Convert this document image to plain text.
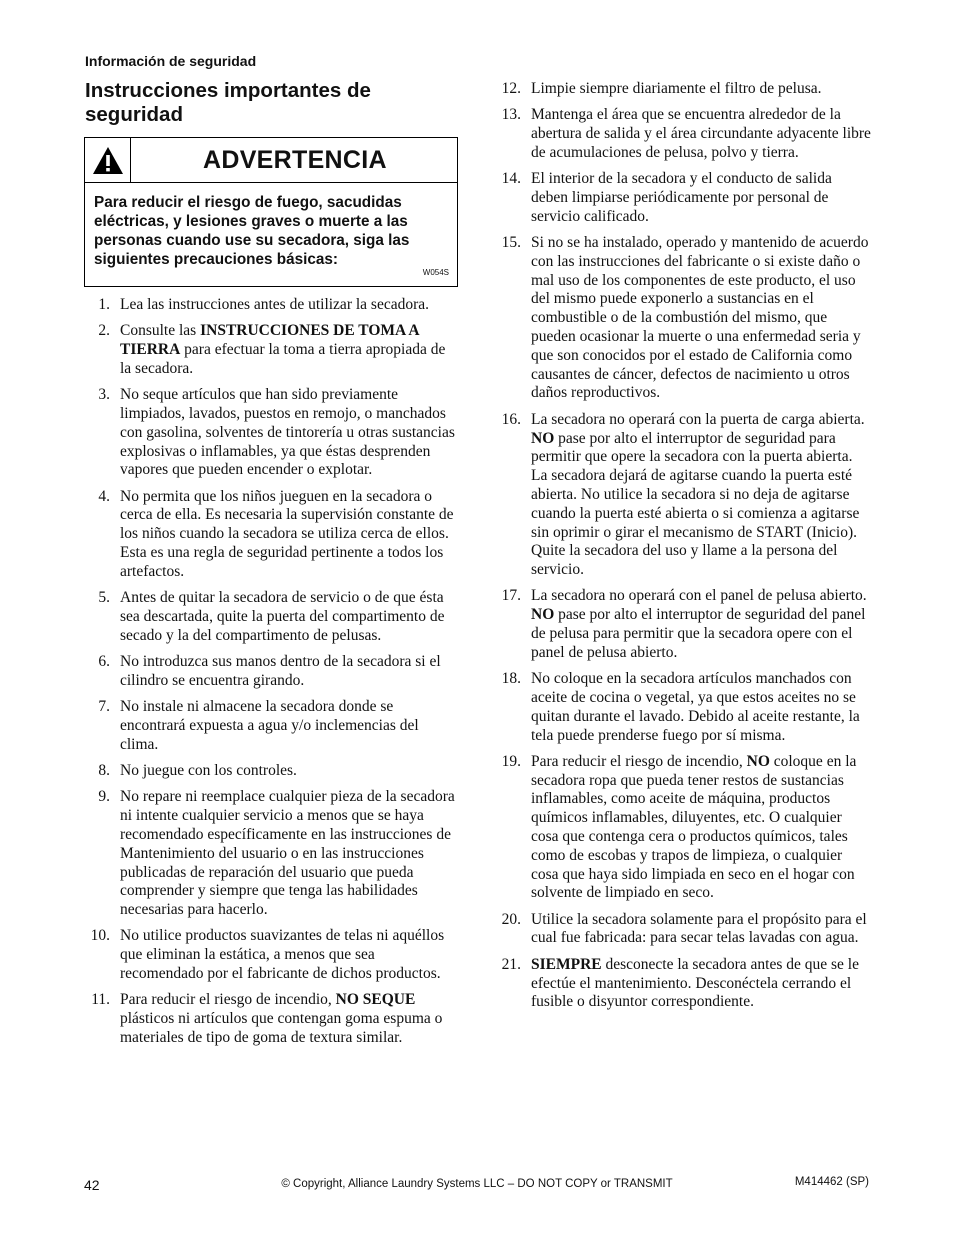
Información de seguridad
Instrucciones importantes de seguridad
ADVERTENCIA
Para reducir el riesgo de fuego, sacudidas eléctricas, y lesiones graves o muerte a las personas cuando use su secadora, siga las siguientes precauciones básicas:
W054S
1. Lea las instrucciones antes de utilizar la secadora.
2. Consulte las INSTRUCCIONES DE TOMA A TIERRA para efectuar la toma a tierra apropiada de la secadora.
3. No seque artículos que han sido previamente limpiados, lavados, puestos en remojo, o manchados con gasolina, solventes de tintorería u otras sustancias explosivas o inflamables, ya que éstas desprenden vapores que pueden encender o explotar.
4. No permita que los niños jueguen en la secadora o cerca de ella. Es necesaria la supervisión constante de los niños cuando la secadora se utiliza cerca de ellos. Esta es una regla de seguridad pertinente a todos los artefactos.
5. Antes de quitar la secadora de servicio o de que ésta sea descartada, quite la puerta del compartimento de secado y la del compartimento de pelusas.
6. No introduzca sus manos dentro de la secadora si el cilindro se encuentra girando.
7. No instale ni almacene la secadora donde se encontrará expuesta a agua y/o inclemencias del clima.
8. No juegue con los controles.
9. No repare ni reemplace cualquier pieza de la secadora ni intente cualquier servicio a menos que se haya recomendado específicamente en las instrucciones de Mantenimiento del usuario o en las instrucciones publicadas de reparación del usuario que pueda comprender y siempre que tenga las habilidades necesarias para hacerlo.
10. No utilice productos suavizantes de telas ni aquéllos que eliminan la estática, a menos que sea recomendado por el fabricante de dichos productos.
11. Para reducir el riesgo de incendio, NO SEQUE plásticos ni artículos que contengan goma espuma o materiales de tipo de goma de textura similar.
12. Limpie siempre diariamente el filtro de pelusa.
13. Mantenga el área que se encuentra alrededor de la abertura de salida y el área circundante adyacente libre de acumulaciones de pelusa, polvo y tierra.
14. El interior de la secadora y el conducto de salida deben limpiarse periódicamente por personal de servicio calificado.
15. Si no se ha instalado, operado y mantenido de acuerdo con las instrucciones del fabricante o si existe daño o mal uso de los componentes de este producto, el uso del mismo puede exponerlo a sustancias en el combustible o de la combustión del mismo, que pueden ocasionar la muerte o una enfermedad seria y que son conocidos por el estado de California como causantes de cáncer, defectos de nacimiento u otros daños reproductivos.
16. La secadora no operará con la puerta de carga abierta. NO pase por alto el interruptor de seguridad para permitir que opere la secadora con la puerta abierta. La secadora dejará de agitarse cuando la puerta esté abierta. No utilice la secadora si no deja de agitarse cuando la puerta esté abierta o si comienza a agitarse sin oprimir o girar el mecanismo de START (Inicio). Quite la secadora del uso y llame a la persona del servicio.
17. La secadora no operará con el panel de pelusa abierto. NO pase por alto el interruptor de seguridad del panel de pelusa para permitir que la secadora opere con el panel de pelusa abierto.
18. No coloque en la secadora artículos manchados con aceite de cocina o vegetal, ya que estos aceites no se quitan durante el lavado. Debido al aceite restante, la tela puede prenderse fuego por sí misma.
19. Para reducir el riesgo de incendio, NO coloque en la secadora ropa que pueda tener restos de sustancias inflamables, como aceite de máquina, productos químicos inflamables, diluyentes, etc. O cualquier cosa que contenga cera o productos químicos, tales como de escobas y trapos de limpieza, o cualquier cosa que haya sido limpiada en seco en el hogar con solvente de limpiado en seco.
20. Utilice la secadora solamente para el propósito para el cual fue fabricada: para secar telas lavadas con agua.
21. SIEMPRE desconecte la secadora antes de que se le efectúe el mantenimiento. Desconéctela cerrando el fusible o disyuntor correspondiente.
42	© Copyright, Alliance Laundry Systems LLC – DO NOT COPY or TRANSMIT	M414462 (SP)
